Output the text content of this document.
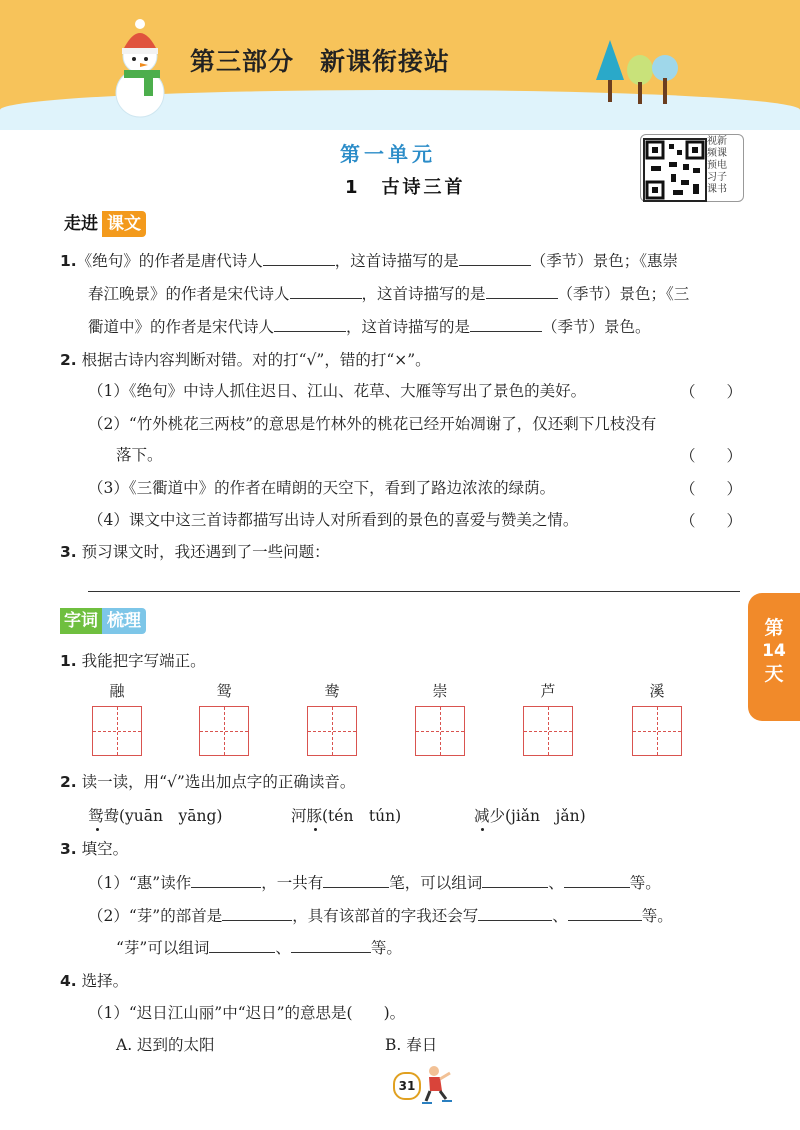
第三部分　新课衔接站
第一单元
1　古诗三首
视新
频课
预电
习子
课书
走进 课文
1.《绝句》的作者是唐代诗人	，这首诗描写的是	（季节）景色；《惠崇
春江晚景》的作者是宋代诗人	，这首诗描写的是	（季节）景色；《三
衢道中》的作者是宋代诗人	，这首诗描写的是	（季节）景色。
2. 根据古诗内容判断对错。对的打“√”，错的打“×”。
（1）《绝句》中诗人抓住迟日、江山、花草、大雁等写出了景色的美好。	（　　）
（2）“竹外桃花三两枝”的意思是竹林外的桃花已经开始凋谢了，仅还剩下几枝没有
落下。	（　　）
（3）《三衢道中》的作者在晴朗的天空下，看到了路边浓浓的绿荫。	（　　）
（4）课文中这三首诗都描写出诗人对所看到的景色的喜爱与赞美之情。	（　　）
3. 预习课文时，我还遇到了一些问题：
字词 梳理	第
14
天
1. 我能把字写端正。
融	鸳	鸯	崇	芦	溪
2. 读一读，用“√”选出加点字的正确读音。
鸳鸯(yuān　yāng)	河豚(tén　tún)	减少(jiǎn　jǎn)
3. 填空。
（1）“惠”读作	，一共有	笔，可以组词	、	等。
（2）“芽”的部首是	，具有该部首的字我还会写	、	等。
“芽”可以组词	、	等。
4. 选择。
（1）“迟日江山丽”中“迟日”的意思是(　　)。
A. 迟到的太阳	B. 春日
31
